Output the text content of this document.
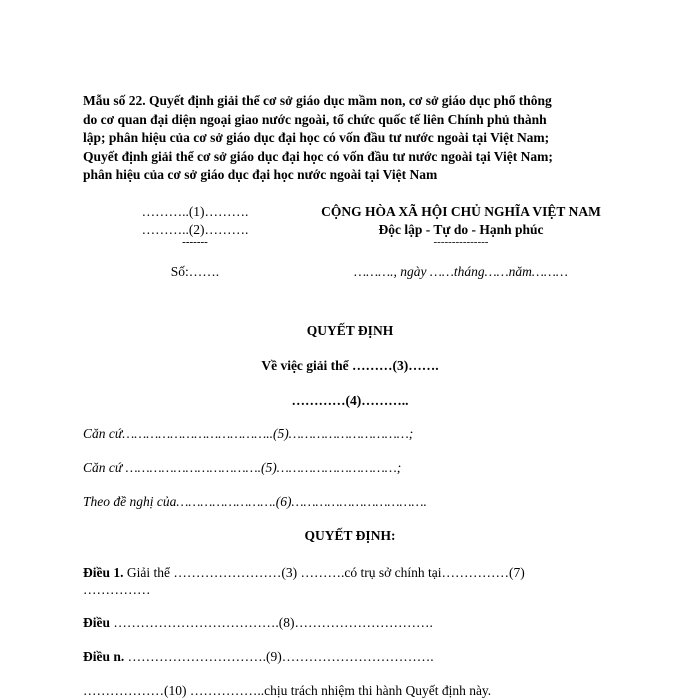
Mẫu số 22. Quyết định giải thể cơ sở giáo dục mầm non, cơ sở giáo dục phổ thông
do cơ quan đại diện ngoại giao nước ngoài, tổ chức quốc tế liên Chính phủ thành
lập; phân hiệu của cơ sở giáo dục đại học có vốn đầu tư nước ngoài tại Việt Nam;
Quyết định giải thể cơ sở giáo dục đại học có vốn đầu tư nước ngoài tại Việt Nam;
phân hiệu của cơ sở giáo dục đại học nước ngoài tại Việt Nam
………..(1)……….
………..(2)……….
-------
CỘNG HÒA XÃ HỘI CHỦ NGHĨA VIỆT NAM
Độc lập - Tự do - Hạnh phúc
---------------
Số:…….	………., ngày ……tháng……năm………
QUYẾT ĐỊNH
Về việc giải thể ………(3)…….
…………(4)………..
Căn cứ………………………………..(5)…………………………;
Căn cứ …………………………….(5)…………………………;
Theo đề nghị của…………………….(6)…………………………….
QUYẾT ĐỊNH:
Điều 1. Giải thể ……………………(3) ……….có trụ sở chính tại……………(7)
……………
Điều ……………………………….(8)………………………….
Điều n. ………………………….(9)…………………………….
………………(10) ……………..chịu trách nhiệm thi hành Quyết định này.
